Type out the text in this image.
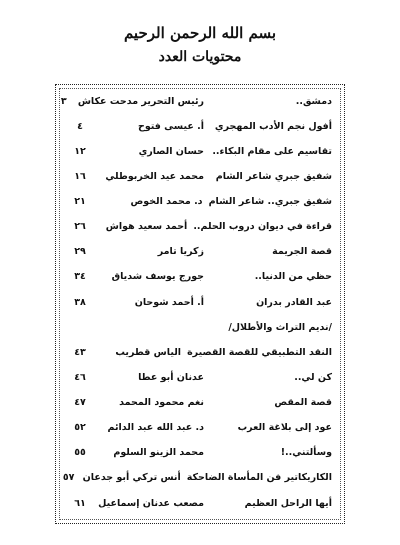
بسم الله الرحمن الرحيم
محتويات العدد
دمشق..
رئيس التحرير مدحت عكاش
٣
أفول نجم الأدب المهجري
أ. عيسى فتوح
٤
تقاسيم على مقام البكاء..
حسان الصاري
١٢
شفيق جبري شاعر الشام
محمد عيد الخربوطلي
١٦
شفيق جبري.. شاعر الشام
د. محمد الخوص
٢١
قراءة في ديوان دروب الحلم..
أحمد سعيد هواش
٢٦
قصة الجريمة
زكريا تامر
٢٩
حظي من الدنيا..
جورج يوسف شدياق
٣٤
عبد القادر بدران
أ. أحمد شوحان
٣٨
/نديم التراث والأطلال/
النقد التطبيقي للقصة القصيرة
الياس قطريب
٤٣
كن لي..
عدنان أبو عطا
٤٦
قصة المقص
نغم محمود المحمد
٤٧
عود إلى بلاغة العرب
د. عبد الله عبد الدائم
٥٢
وسألتني..!
محمد الزينو السلوم
٥٥
الكاريكاتير فن المأساة الضاحكة
أنس تركي أبو جدعان
٥٧
أيها الراحل العظيم
مصعب عدنان إسماعيل
٦١
